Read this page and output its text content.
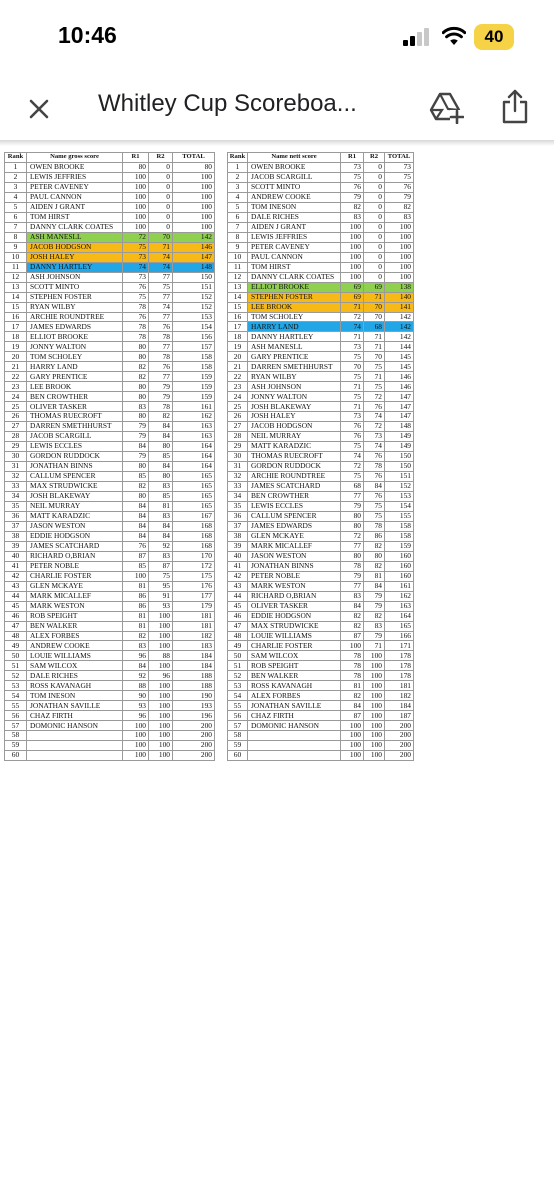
10:46	40
Whitley Cup Scoreboa...
Rank	Name gross score	R1	R2	TOTAL
1	OWEN BROOKE	80	0	80
2	LEWIS JEFFRIES	100	0	100
3	PETER CAVENEY	100	0	100
4	PAUL CANNON	100	0	100
5	AIDEN J GRANT	100	0	100
6	TOM HIRST	100	0	100
7	DANNY CLARK COATES	100	0	100
8	ASH MANESLL	72	70	142
9	JACOB HODGSON	75	71	146
10	JOSH HALEY	73	74	147
11	DANNY HARTLEY	74	74	148
12	ASH JOHNSON	73	77	150
13	SCOTT MINTO	76	75	151
14	STEPHEN FOSTER	75	77	152
15	RYAN WILBY	78	74	152
16	ARCHIE ROUNDTREE	76	77	153
17	JAMES EDWARDS	78	76	154
18	ELLIOT BROOKE	78	78	156
19	JONNY WALTON	80	77	157
20	TOM SCHOLEY	80	78	158
21	HARRY LAND	82	76	158
22	GARY PRENTICE	82	77	159
23	LEE BROOK	80	79	159
24	BEN CROWTHER	80	79	159
25	OLIVER TASKER	83	78	161
26	THOMAS RUECROFT	80	82	162
27	DARREN SMETHHURST	79	84	163
28	JACOB SCARGILL	79	84	163
29	LEWIS ECCLES	84	80	164
30	GORDON RUDDOCK	79	85	164
31	JONATHAN BINNS	80	84	164
32	CALLUM SPENCER	85	80	165
33	MAX STRUDWICKE	82	83	165
34	JOSH BLAKEWAY	80	85	165
35	NEIL MURRAY	84	81	165
36	MATT KARADZIC	84	83	167
37	JASON WESTON	84	84	168
38	EDDIE HODGSON	84	84	168
39	JAMES SCATCHARD	76	92	168
40	RICHARD O,BRIAN	87	83	170
41	PETER NOBLE	85	87	172
42	CHARLIE FOSTER	100	75	175
43	GLEN MCKAYE	81	95	176
44	MARK MICALLEF	86	91	177
45	MARK WESTON	86	93	179
46	ROB SPEIGHT	81	100	181
47	BEN WALKER	81	100	181
48	ALEX FORBES	82	100	182
49	ANDREW COOKE	83	100	183
50	LOUIE WILLIAMS	96	88	184
51	SAM WILCOX	84	100	184
52	DALE RICHES	92	96	188
53	ROSS KAVANAGH	88	100	188
54	TOM INESON	90	100	190
55	JONATHAN SAVILLE	93	100	193
56	CHAZ FIRTH	96	100	196
57	DOMONIC HANSON	100	100	200
58		100	100	200
59		100	100	200
60		100	100	200
Rank	Name nett score	R1	R2	TOTAL
1	OWEN BROOKE	73	0	73
2	JACOB SCARGILL	75	0	75
3	SCOTT MINTO	76	0	76
4	ANDREW COOKE	79	0	79
5	TOM INESON	82	0	82
6	DALE RICHES	83	0	83
7	AIDEN J GRANT	100	0	100
8	LEWIS JEFFRIES	100	0	100
9	PETER CAVENEY	100	0	100
10	PAUL CANNON	100	0	100
11	TOM HIRST	100	0	100
12	DANNY CLARK COATES	100	0	100
13	ELLIOT BROOKE	69	69	138
14	STEPHEN FOSTER	69	71	140
15	LEE BROOK	71	70	141
16	TOM SCHOLEY	72	70	142
17	HARRY LAND	74	68	142
18	DANNY HARTLEY	71	71	142
19	ASH MANESLL	73	71	144
20	GARY PRENTICE	75	70	145
21	DARREN SMETHHURST	70	75	145
22	RYAN WILBY	75	71	146
23	ASH JOHNSON	71	75	146
24	JONNY WALTON	75	72	147
25	JOSH BLAKEWAY	71	76	147
26	JOSH HALEY	73	74	147
27	JACOB HODGSON	76	72	148
28	NEIL MURRAY	76	73	149
29	MATT KARADZIC	75	74	149
30	THOMAS RUECROFT	74	76	150
31	GORDON RUDDOCK	72	78	150
32	ARCHIE ROUNDTREE	75	76	151
33	JAMES SCATCHARD	68	84	152
34	BEN CROWTHER	77	76	153
35	LEWIS ECCLES	79	75	154
36	CALLUM SPENCER	80	75	155
37	JAMES EDWARDS	80	78	158
38	GLEN MCKAYE	72	86	158
39	MARK MICALLEF	77	82	159
40	JASON WESTON	80	80	160
41	JONATHAN BINNS	78	82	160
42	PETER NOBLE	79	81	160
43	MARK WESTON	77	84	161
44	RICHARD O,BRIAN	83	79	162
45	OLIVER TASKER	84	79	163
46	EDDIE HODGSON	82	82	164
47	MAX STRUDWICKE	82	83	165
48	LOUIE WILLIAMS	87	79	166
49	CHARLIE FOSTER	100	71	171
50	SAM WILCOX	78	100	178
51	ROB SPEIGHT	78	100	178
52	BEN WALKER	78	100	178
53	ROSS KAVANAGH	81	100	181
54	ALEX FORBES	82	100	182
55	JONATHAN SAVILLE	84	100	184
56	CHAZ FIRTH	87	100	187
57	DOMONIC HANSON	100	100	200
58		100	100	200
59		100	100	200
60		100	100	200
